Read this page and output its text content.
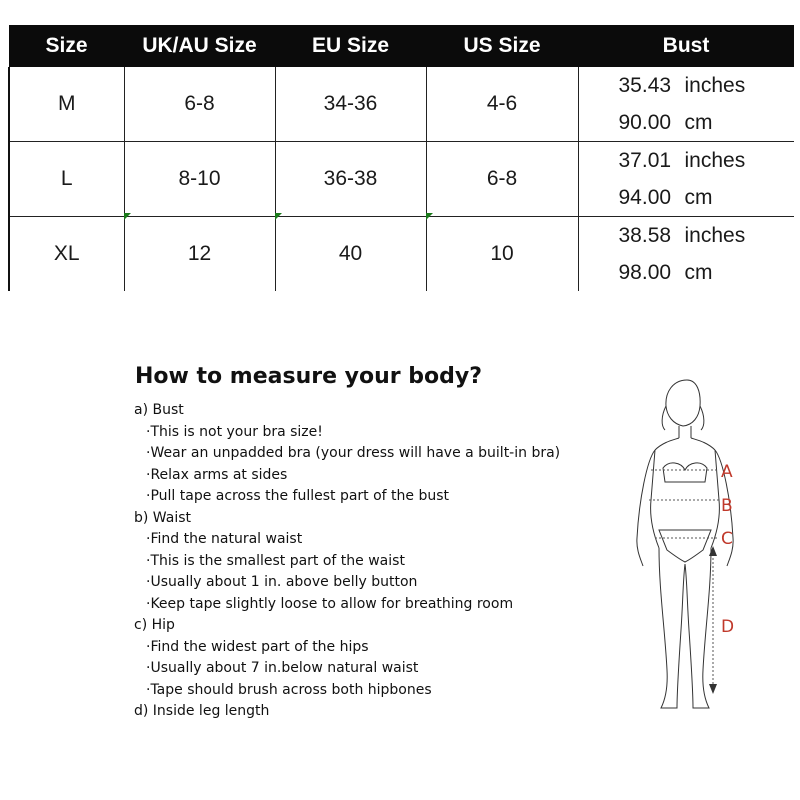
Size	UK/AU Size	EU Size	US Size	Bust
M	6-8	34-36	4-6	35.43 inches
90.00 cm

L	8-10	36-38	6-8	37.01 inches
94.00 cm

XL	12	40	10	38.58 inches
98.00 cm
How to measure your body?
a) Bust
·This is not your bra size!
·Wear an unpadded bra (your dress will have a built-in bra)
·Relax arms at sides
·Pull tape across the fullest part of the bust
b) Waist
·Find the natural waist
·This is the smallest part of the waist
·Usually about 1 in. above belly button
·Keep tape slightly loose to allow for breathing room
c) Hip
·Find the widest part of the hips
·Usually about 7 in.below natural waist
·Tape should brush across both hipbones
d) Inside leg length
A
B
C
D
